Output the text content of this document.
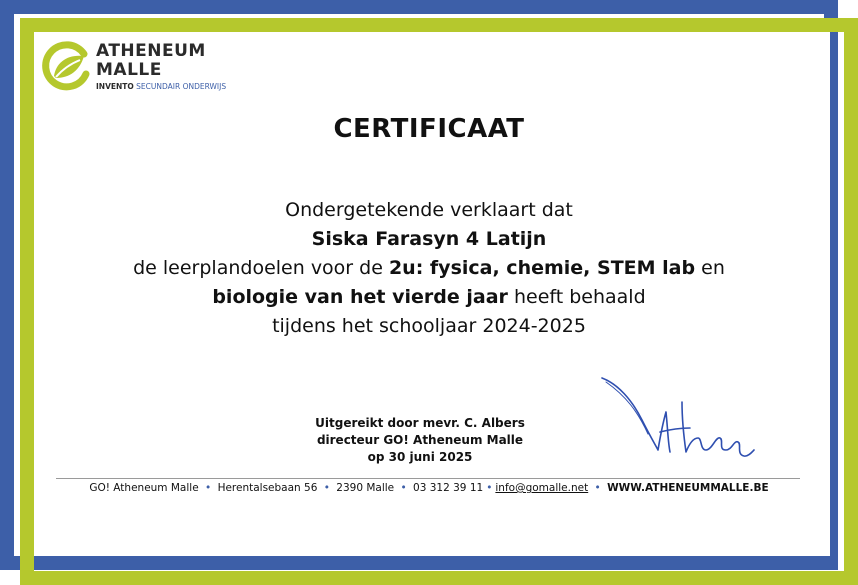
ATHENEUM
MALLE
INVENTO SECUNDAIR ONDERWIJS
CERTIFICAAT

Ondergetekende verklaart dat

Siska Farasyn 4 Latijn

de leerplandoelen voor de 2u: fysica, chemie, STEM lab en

biologie van het vierde jaar heeft behaald

tijdens het schooljaar 2024-2025

Uitgereikt door mevr. C. Albers

directeur GO! Atheneum Malle

op 30 juni 2025

GO! Atheneum Malle • Herentalsebaan 56 • 2390 Malle • 03 312 39 11 • info@gomalle.net • WWW.ATHENEUMMALLE.BE
